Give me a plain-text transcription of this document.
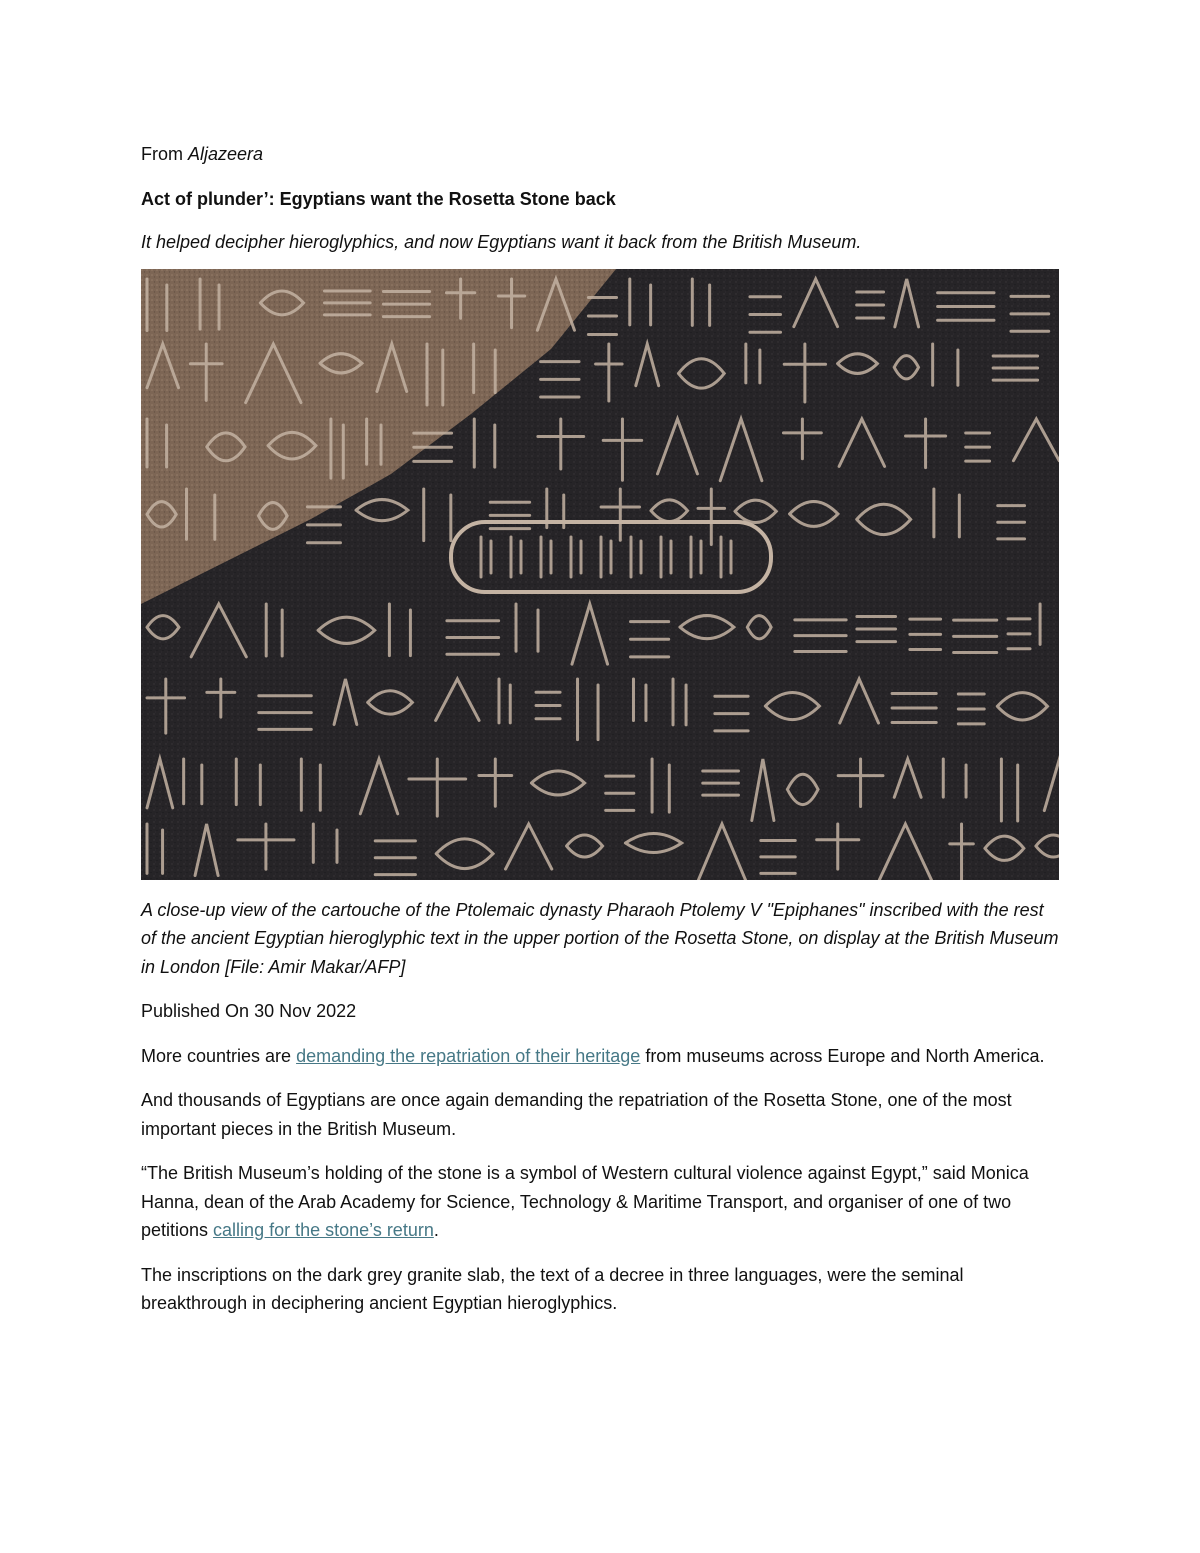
From Aljazeera

Act of plunder’: Egyptians want the Rosetta Stone back

It helped decipher hieroglyphics, and now Egyptians want it back from the British Museum.

A close-up view of the cartouche of the Ptolemaic dynasty Pharaoh Ptolemy V "Epiphanes" inscribed with the rest of the ancient Egyptian hieroglyphic text in the upper portion of the Rosetta Stone, on display at the British Museum in London [File: Amir Makar/AFP]

Published On 30 Nov 2022

More countries are demanding the repatriation of their heritage from museums across Europe and North America.

And thousands of Egyptians are once again demanding the repatriation of the Rosetta Stone, one of the most important pieces in the British Museum.

“The British Museum’s holding of the stone is a symbol of Western cultural violence against Egypt,” said Monica Hanna, dean of the Arab Academy for Science, Technology & Maritime Transport, and organiser of one of two petitions calling for the stone’s return.

The inscriptions on the dark grey granite slab, the text of a decree in three languages, were the seminal breakthrough in deciphering ancient Egyptian hieroglyphics.
